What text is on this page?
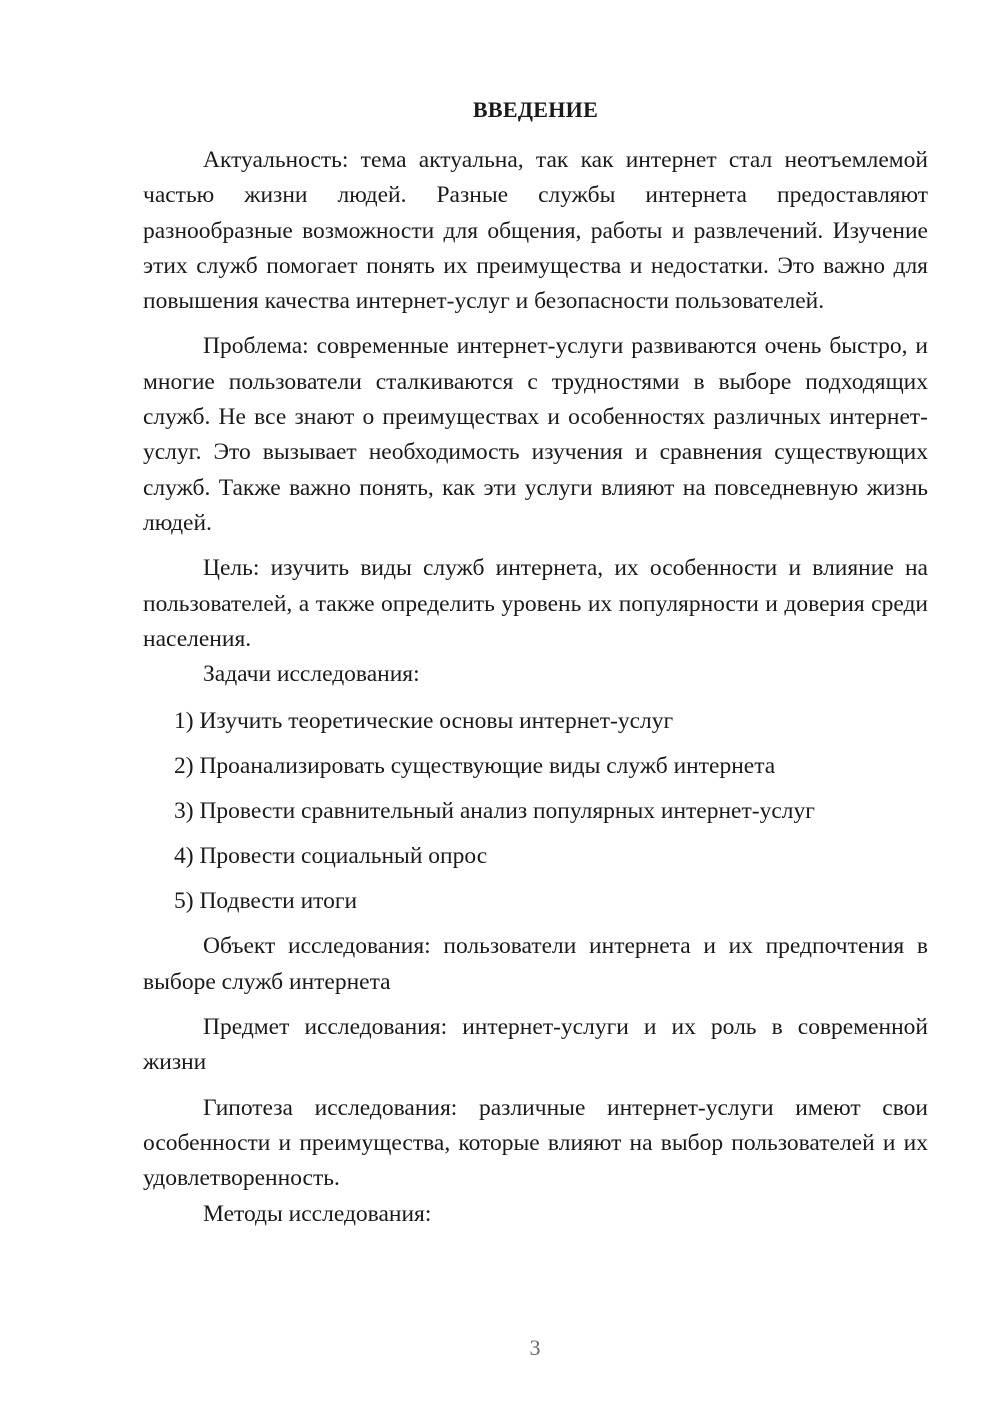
ВВЕДЕНИЕ

Актуальность: тема актуальна, так как интернет стал неотъемлемой частью жизни людей. Разные службы интернета предоставляют разнообразные возможности для общения, работы и развлечений. Изучение этих служб помогает понять их преимущества и недостатки. Это важно для повышения качества интернет-услуг и безопасности пользователей.

Проблема: современные интернет-услуги развиваются очень быстро, и многие пользователи сталкиваются с трудностями в выборе подходящих служб. Не все знают о преимуществах и особенностях различных интернет-услуг. Это вызывает необходимость изучения и сравнения существующих служб. Также важно понять, как эти услуги влияют на повседневную жизнь людей.

Цель: изучить виды служб интернета, их особенности и влияние на пользователей, а также определить уровень их популярности и доверия среди населения.

Задачи исследования:

1) Изучить теоретические основы интернет-услуг
2) Проанализировать существующие виды служб интернета
3) Провести сравнительный анализ популярных интернет-услуг
4) Провести социальный опрос
5) Подвести итоги

Объект исследования: пользователи интернета и их предпочтения в выборе служб интернета

Предмет исследования: интернет-услуги и их роль в современной жизни

Гипотеза исследования: различные интернет-услуги имеют свои особенности и преимущества, которые влияют на выбор пользователей и их удовлетворенность.

Методы исследования:

3
